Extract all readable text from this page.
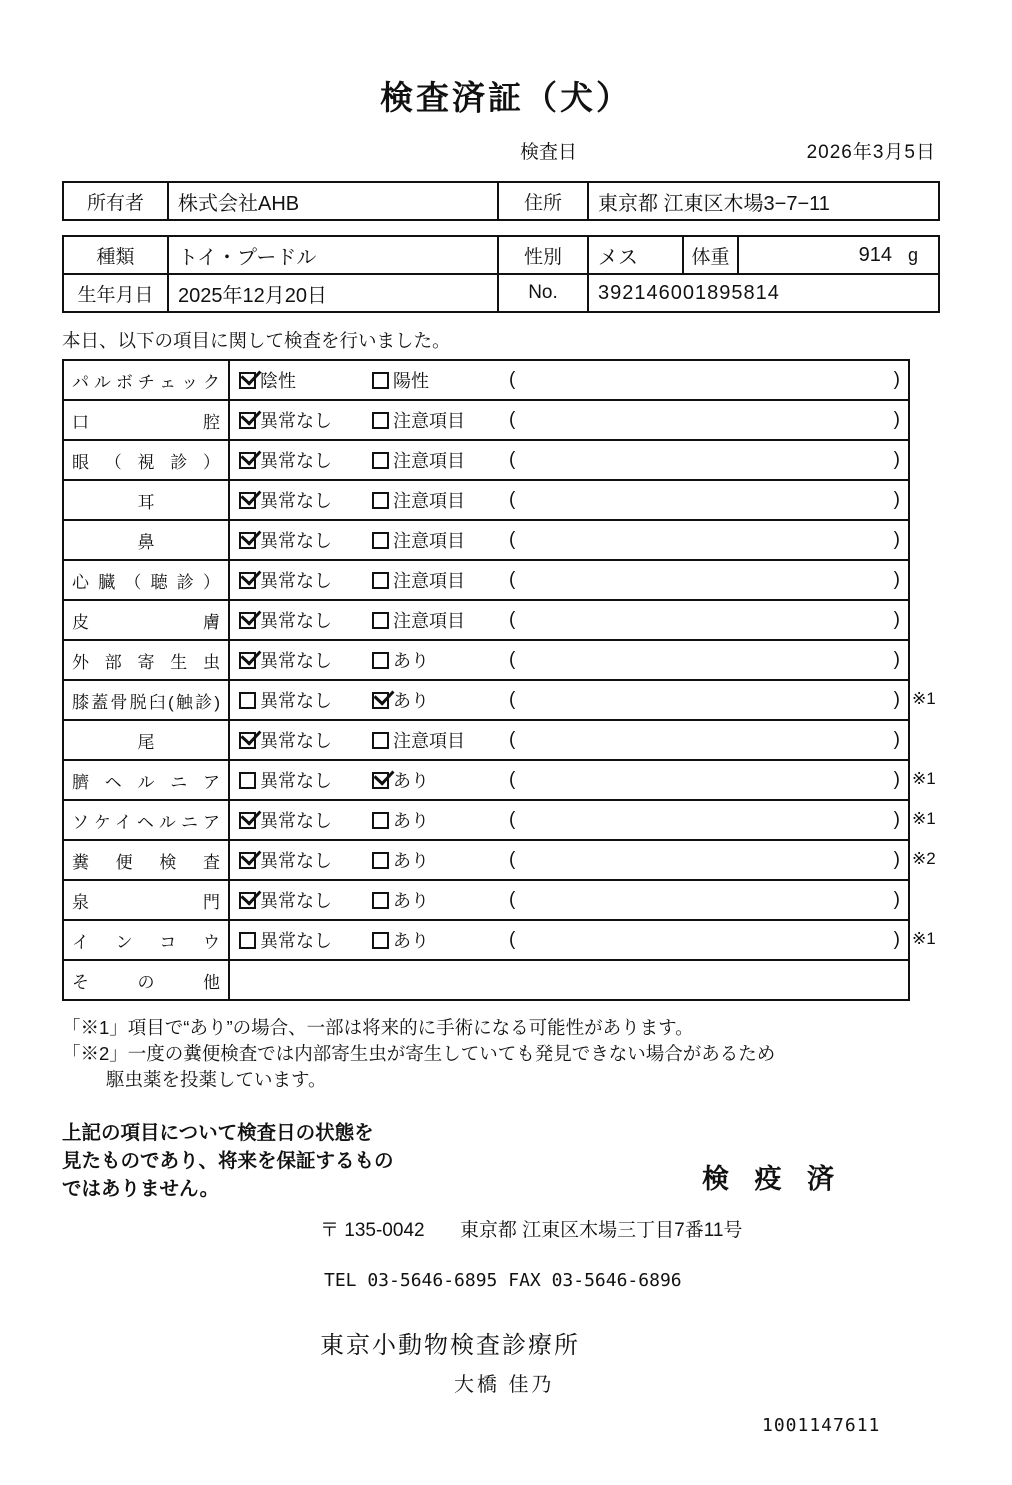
検査済証（犬）
検査日	2026年3月5日
所有者	株式会社AHB	住所	東京都 江東区木場3−7−11
種類	トイ・プードル	性別	メス	体重	914 g
生年月日	2025年12月20日	No.	392146001895814
本日、以下の項目に関して検査を行いました。
パルボチェック 陰性	陽性	(	)
口腔 異常なし	注意項目 (	)
眼（視診） 異常なし	注意項目 (	)
耳	異常なし	注意項目 (	)
鼻	異常なし	注意項目 (	)
心臓（聴診） 異常なし	注意項目 (	)
皮膚 異常なし	注意項目 (	)
外部寄生虫 異常なし	あり	(	)
膝蓋骨脱臼(触診) 異常なし	あり	(	) ※1
尾	異常なし	注意項目 (	)
臍ヘルニア 異常なし	あり	(	) ※1
ソケイヘルニア 異常なし	あり	(	) ※1
糞便検査 異常なし	あり	(	) ※2
泉門 異常なし	あり	(	)
インコウ 異常なし	あり	(	) ※1
その他
「※1」項目で“あり”の場合、一部は将来的に手術になる可能性があります。
「※2」一度の糞便検査では内部寄生虫が寄生していても発見できない場合があるため
駆虫薬を投薬しています。
上記の項目について検査日の状態を
見たものであり、将来を保証するもの
ではありません。	検 疫 済
〒 135-0042 東京都 江東区木場三丁目7番11号
TEL 03-5646-6895 FAX 03-5646-6896
東京小動物検査診療所
大橋 佳乃
1001147611
